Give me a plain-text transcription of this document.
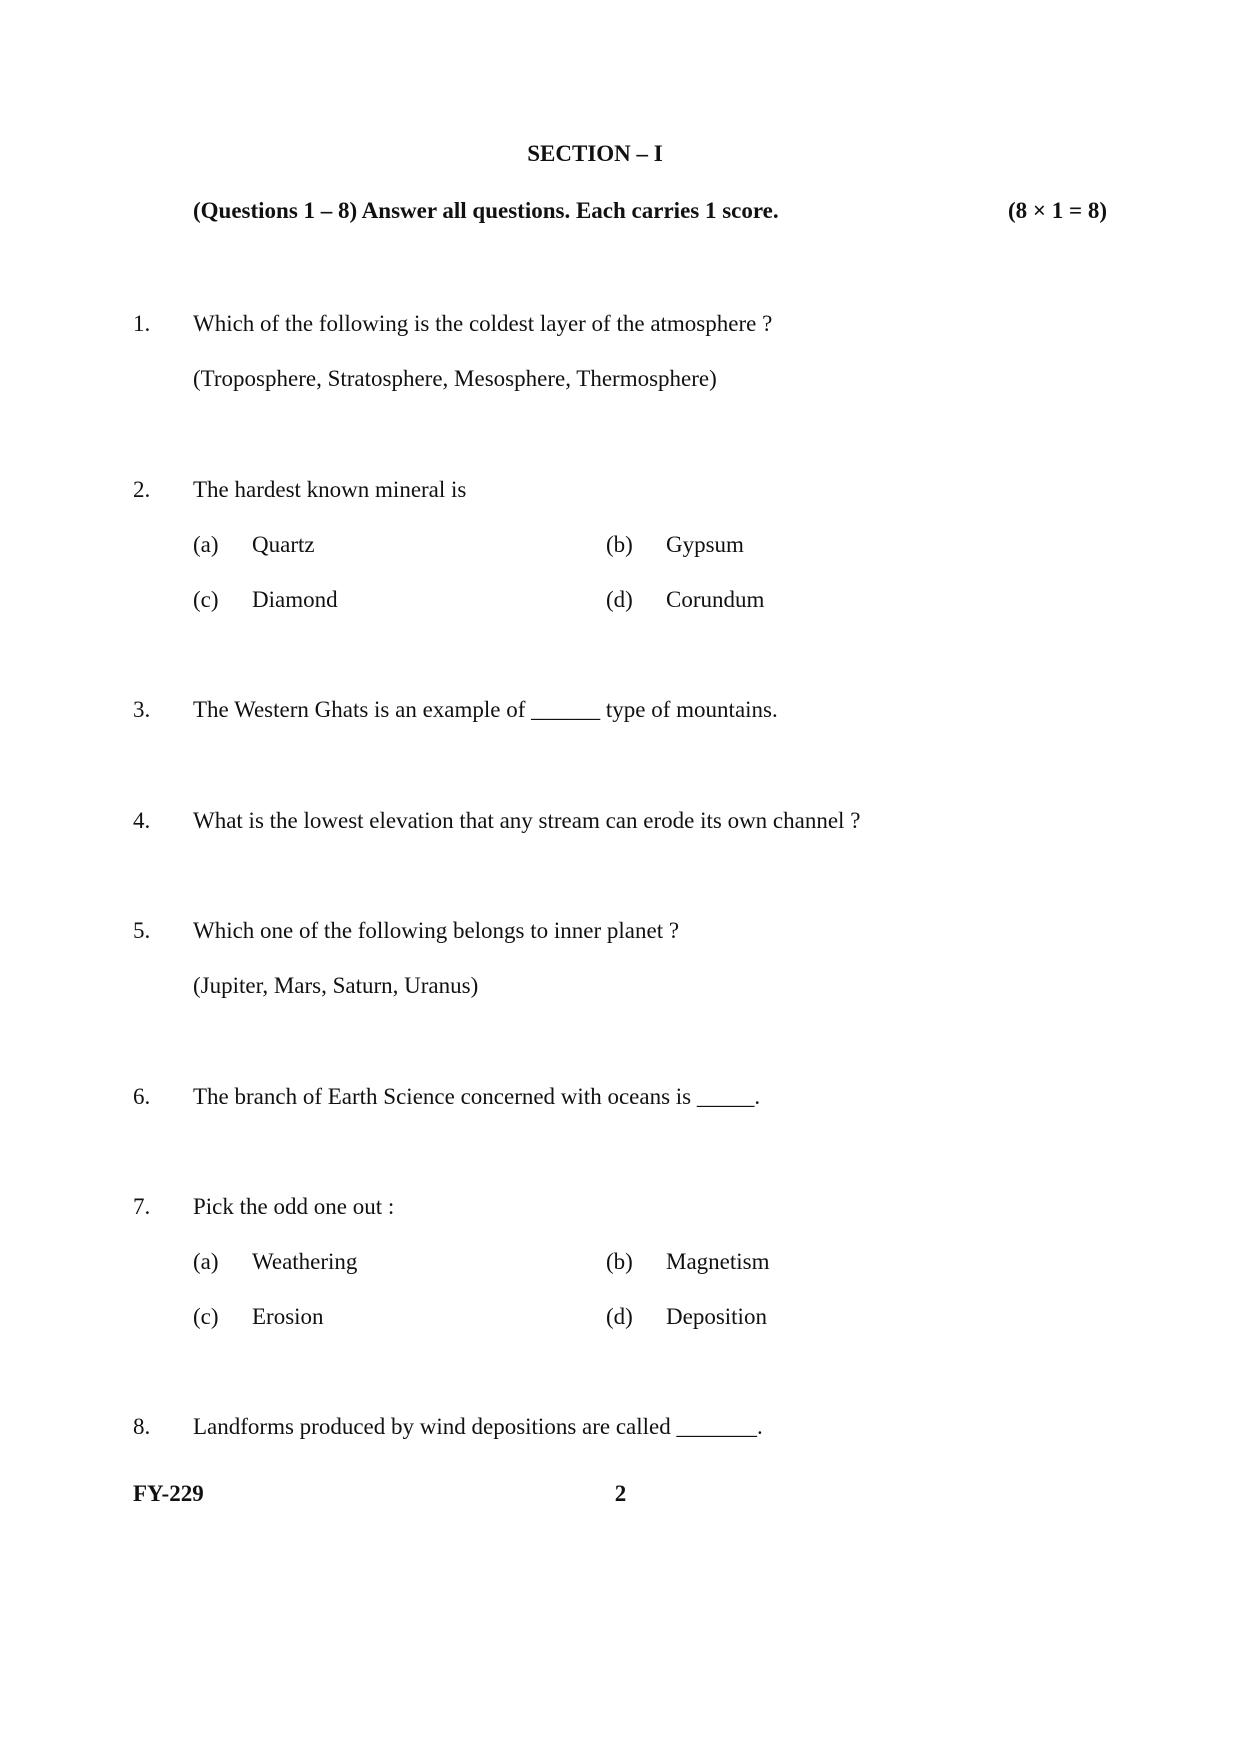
SECTION – I
(Questions 1 – 8) Answer all questions. Each carries 1 score.	(8 × 1 = 8)
1. Which of the following is the coldest layer of the atmosphere ?
(Troposphere, Stratosphere, Mesosphere, Thermosphere)
2. The hardest known mineral is
(a) Quartz	(b) Gypsum
(c) Diamond	(d) Corundum
3. The Western Ghats is an example of ______ type of mountains.
4. What is the lowest elevation that any stream can erode its own channel ?
5. Which one of the following belongs to inner planet ?
(Jupiter, Mars, Saturn, Uranus)
6. The branch of Earth Science concerned with oceans is _____.
7. Pick the odd one out :
(a) Weathering	(b) Magnetism
(c) Erosion	(d) Deposition
8. Landforms produced by wind depositions are called _______.
FY-229	2
